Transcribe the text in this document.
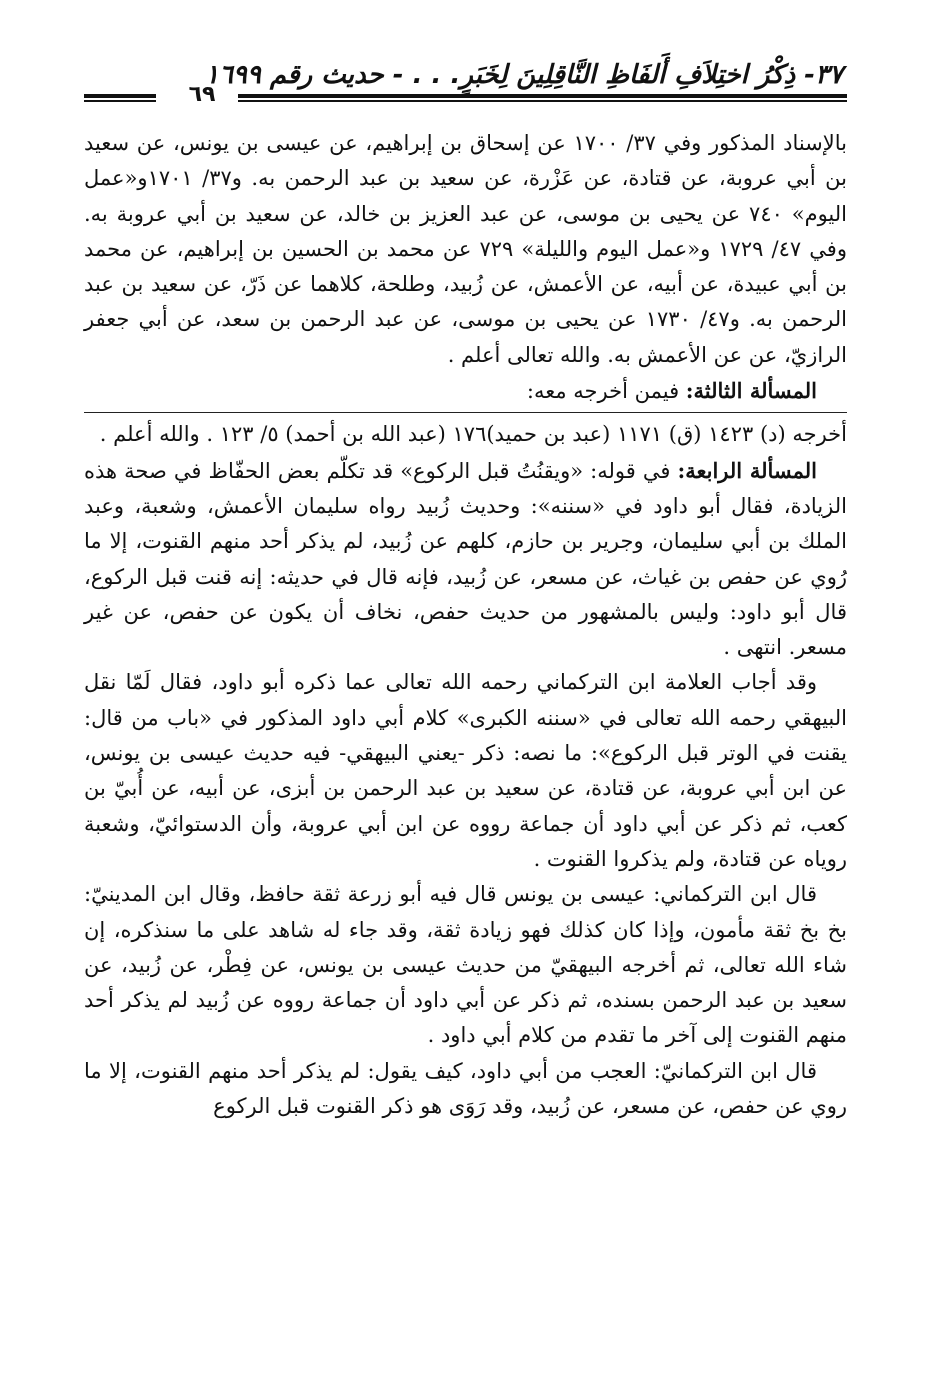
٣٧- ذِكْرُ اختِلاَفِ أَلفَاظِ النَّاقِلِينَ لِخَبَرٍ. . . - حديث رقم ١٦٩٩
٦٩

بالإسناد المذكور وفي ٣٧/ ١٧٠٠ عن إسحاق بن إبراهيم، عن عيسى بن يونس، عن سعيد بن أبي عروبة، عن قتادة، عن عَزْرة، عن سعيد بن عبد الرحمن به. و٣٧/ ١٧٠١و«عمل اليوم» ٧٤٠ عن يحيى بن موسى، عن عبد العزيز بن خالد، عن سعيد بن أبي عروبة به. وفي ٤٧/ ١٧٢٩ و«عمل اليوم والليلة» ٧٢٩ عن محمد بن الحسين بن إبراهيم، عن محمد بن أبي عبيدة، عن أبيه، عن الأعمش، عن زُبيد، وطلحة، كلاهما عن ذَرّ، عن سعيد بن عبد الرحمن به. و٤٧/ ١٧٣٠ عن يحيى بن موسى، عن عبد الرحمن بن سعد، عن أبي جعفر الرازيّ، عن عن الأعمش به. والله تعالى أعلم .

المسألة الثالثة: فيمن أخرجه معه:

أخرجه (د) ١٤٢٣ (ق) ١١٧١ (عبد بن حميد)١٧٦ (عبد الله بن أحمد) ٥/ ١٢٣ . والله أعلم .

المسألة الرابعة: في قوله: «ويقنُتُ قبل الركوع» قد تكلّم بعض الحفّاظ في صحة هذه الزيادة، فقال أبو داود في «سننه»: وحديث زُبيد رواه سليمان الأعمش، وشعبة، وعبد الملك بن أبي سليمان، وجرير بن حازم، كلهم عن زُبيد، لم يذكر أحد منهم القنوت، إلا ما رُوي عن حفص بن غياث، عن مسعر، عن زُبيد، فإنه قال في حديثه: إنه قنت قبل الركوع، قال أبو داود: وليس بالمشهور من حديث حفص، نخاف أن يكون عن حفص، عن غير مسعر. انتهى .

وقد أجاب العلامة ابن التركماني رحمه الله تعالى عما ذكره أبو داود، فقال لَمّا نقل البيهقي رحمه الله تعالى في «سننه الكبرى» كلام أبي داود المذكور في «باب من قال: يقنت في الوتر قبل الركوع»: ما نصه: ذكر -يعني البيهقي- فيه حديث عيسى بن يونس، عن ابن أبي عروبة، عن قتادة، عن سعيد بن عبد الرحمن بن أبزى، عن أبيه، عن أُبيّ بن كعب، ثم ذكر عن أبي داود أن جماعة رووه عن ابن أبي عروبة، وأن الدستوائيّ، وشعبة روياه عن قتادة، ولم يذكروا القنوت .

قال ابن التركماني: عيسى بن يونس قال فيه أبو زرعة ثقة حافظ، وقال ابن المدينيّ: بخ بخ ثقة مأمون، وإذا كان كذلك فهو زيادة ثقة، وقد جاء له شاهد على ما سنذكره، إن شاء الله تعالى، ثم أخرجه البيهقيّ من حديث عيسى بن يونس، عن فِطْر، عن زُبيد، عن سعيد بن عبد الرحمن بسنده، ثم ذكر عن أبي داود أن جماعة رووه عن زُبيد لم يذكر أحد منهم القنوت إلى آخر ما تقدم من كلام أبي داود .

قال ابن التركمانيّ: العجب من أبي داود، كيف يقول: لم يذكر أحد منهم القنوت، إلا ما روي عن حفص، عن مسعر، عن زُبيد، وقد رَوَى هو ذكر القنوت قبل الركوع
